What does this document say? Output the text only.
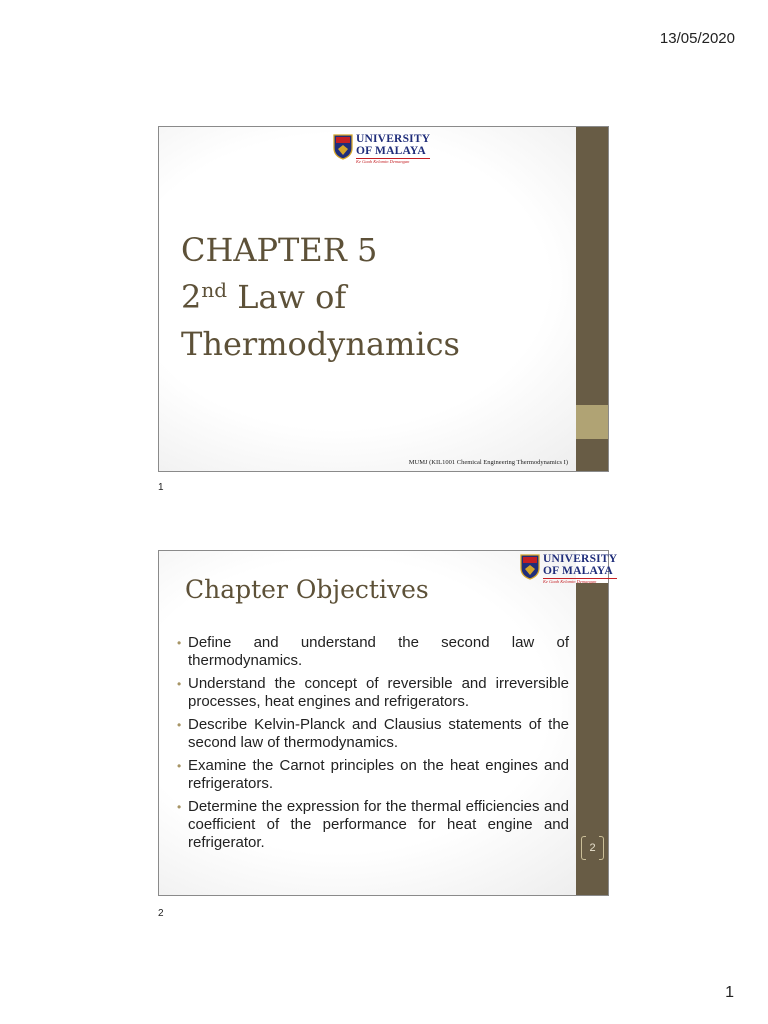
13/05/2020
UNIVERSITY
OF MALAYA
Ke Gaah Kelamin Demangan
CHAPTER 5
2nd Law of
Thermodynamics
MUMJ (KIL1001 Chemical Engineering Thermodynamics I)
1
UNIVERSITY
OF MALAYA
Ke Gaah Kelamin Demangan
Chapter Objectives
• Define and understand the second law of thermodynamics.
• Understand the concept of reversible and irreversible processes, heat engines and refrigerators.
• Describe Kelvin-Planck and Clausius statements of the second law of thermodynamics.
• Examine the Carnot principles on the heat engines and refrigerators.
• Determine the expression for the thermal efficiencies and coefficient of the performance for heat engine and refrigerator.	2
2
1
